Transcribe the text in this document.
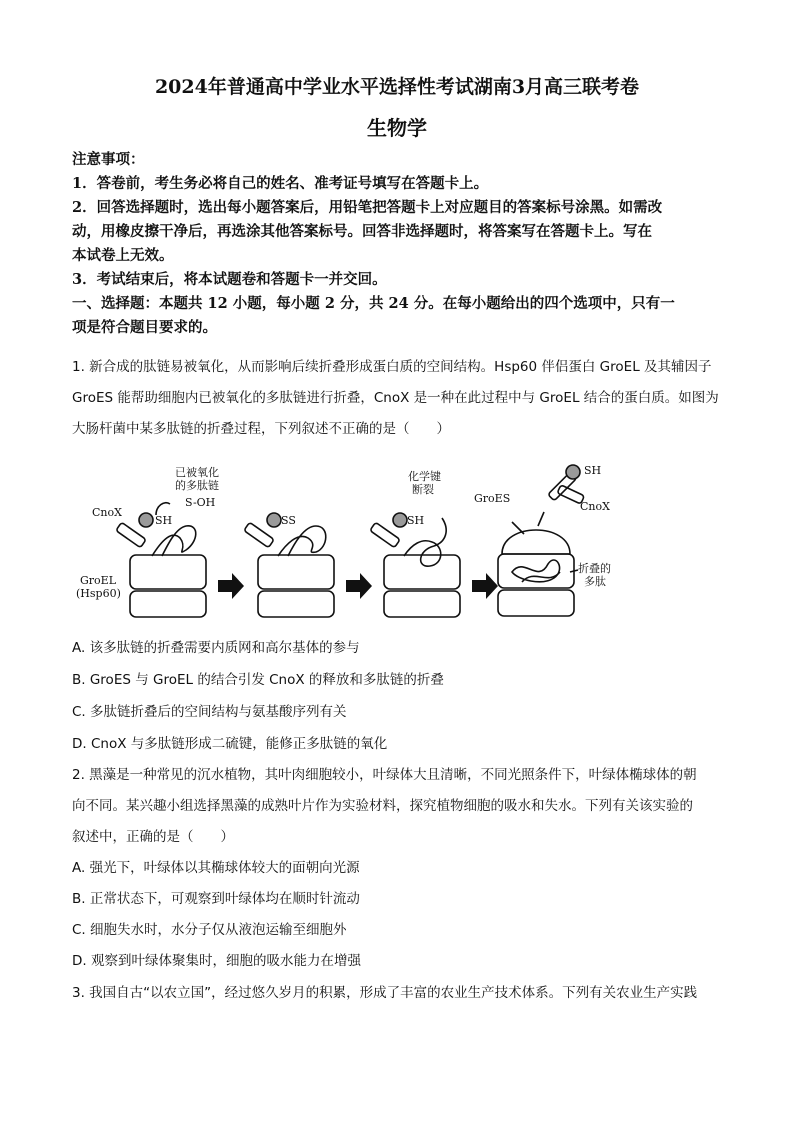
2024年普通高中学业水平选择性考试湖南3月高三联考卷
生物学
注意事项：
1．答卷前，考生务必将自己的姓名、准考证号填写在答题卡上。
2．回答选择题时，选出每小题答案后，用铅笔把答题卡上对应题目的答案标号涂黑。如需改
动，用橡皮擦干净后，再选涂其他答案标号。回答非选择题时，将答案写在答题卡上。写在
本试卷上无效。
3．考试结束后，将本试题卷和答题卡一并交回。
一、选择题：本题共 12 小题，每小题 2 分，共 24 分。在每小题给出的四个选项中，只有一
项是符合题目要求的。
1. 新合成的肽链易被氧化，从而影响后续折叠形成蛋白质的空间结构。Hsp60 伴侣蛋白 GroEL 及其辅因子
GroES 能帮助细胞内已被氧化的多肽链进行折叠，CnoX 是一种在此过程中与 GroEL 结合的蛋白质。如图为
大肠杆菌中某多肽链的折叠过程，下列叙述不正确的是（　　）
已被氧化
的多肽链
S-OH
CnoX
SH	SS
GroEL
(Hsp60)
化学键
断裂
SH
GroES
SH
CnoX
折叠的
多肽
A. 该多肽链的折叠需要内质网和高尔基体的参与
B. GroES 与 GroEL 的结合引发 CnoX 的释放和多肽链的折叠
C. 多肽链折叠后的空间结构与氨基酸序列有关
D. CnoX 与多肽链形成二硫键，能修正多肽链的氧化
2. 黑藻是一种常见的沉水植物，其叶肉细胞较小，叶绿体大且清晰，不同光照条件下，叶绿体椭球体的朝
向不同。某兴趣小组选择黑藻的成熟叶片作为实验材料，探究植物细胞的吸水和失水。下列有关该实验的
叙述中，正确的是（　　）
A. 强光下，叶绿体以其椭球体较大的面朝向光源
B. 正常状态下，可观察到叶绿体均在顺时针流动
C. 细胞失水时，水分子仅从液泡运输至细胞外
D. 观察到叶绿体聚集时，细胞的吸水能力在增强
3. 我国自古“以农立国”，经过悠久岁月的积累，形成了丰富的农业生产技术体系。下列有关农业生产实践
